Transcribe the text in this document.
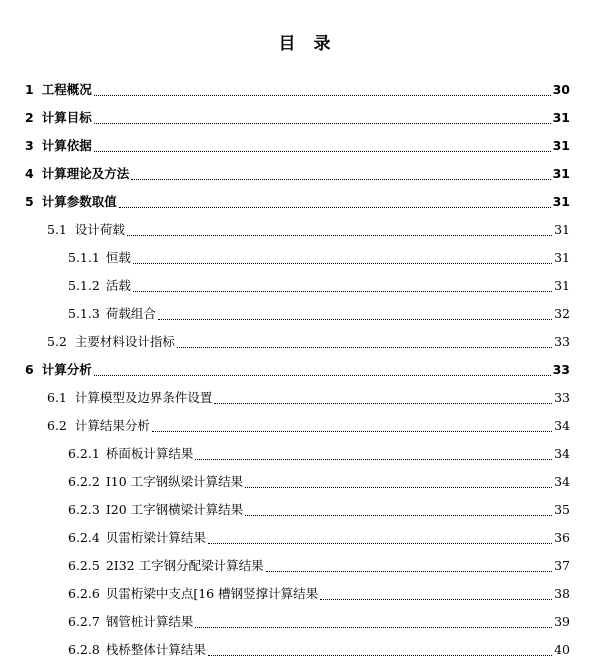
目 录
1 工程概况	30
2 计算目标	31
3 计算依据	31
4 计算理论及方法	31
5 计算参数取值	31
5.1 设计荷载	31
5.1.1 恒载	31
5.1.2 活载	31
5.1.3 荷载组合	32
5.2 主要材料设计指标	33
6 计算分析	33
6.1 计算模型及边界条件设置	33
6.2 计算结果分析	34
6.2.1 桥面板计算结果	34
6.2.2 I10 工字钢纵梁计算结果	34
6.2.3 I20 工字钢横梁计算结果	35
6.2.4 贝雷桁梁计算结果	36
6.2.5 2I32 工字钢分配梁计算结果	37
6.2.6 贝雷桁梁中支点[16 槽钢竖撑计算结果	38
6.2.7 钢管桩计算结果	39
6.2.8 栈桥整体计算结果	40
